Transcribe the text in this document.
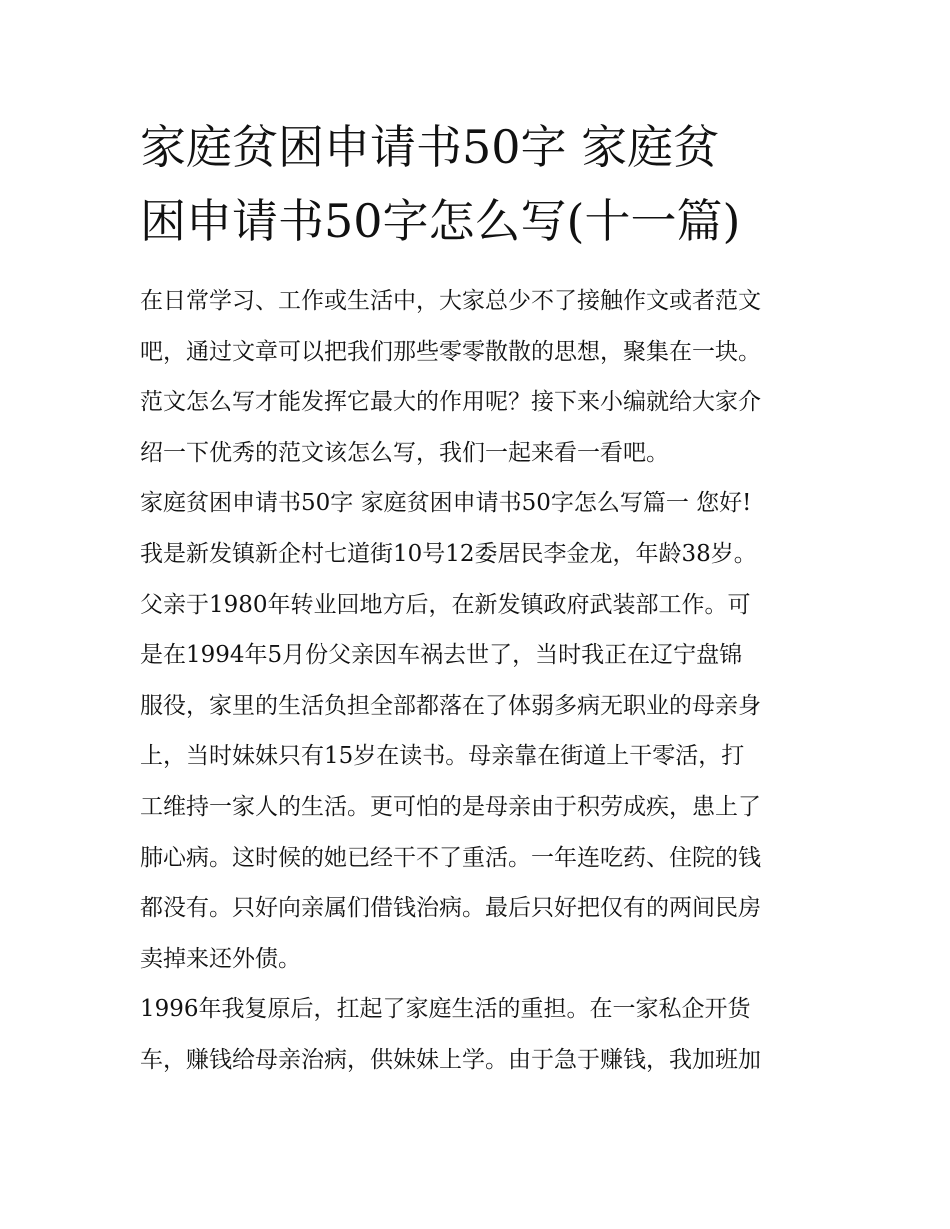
家庭贫困申请书50字 家庭贫
困申请书50字怎么写(十一篇)
在日常学习、工作或生活中，大家总少不了接触作文或者范文
吧，通过文章可以把我们那些零零散散的思想，聚集在一块。
范文怎么写才能发挥它最大的作用呢？接下来小编就给大家介
绍一下优秀的范文该怎么写，我们一起来看一看吧。
家庭贫困申请书50字 家庭贫困申请书50字怎么写篇一 您好!
我是新发镇新企村七道街10号12委居民李金龙，年龄38岁。
父亲于1980年转业回地方后，在新发镇政府武装部工作。可
是在1994年5月份父亲因车祸去世了，当时我正在辽宁盘锦
服役，家里的生活负担全部都落在了体弱多病无职业的母亲身
上，当时妹妹只有15岁在读书。母亲靠在街道上干零活，打
工维持一家人的生活。更可怕的是母亲由于积劳成疾，患上了
肺心病。这时候的她已经干不了重活。一年连吃药、住院的钱
都没有。只好向亲属们借钱治病。最后只好把仅有的两间民房
卖掉来还外债。
1996年我复原后，扛起了家庭生活的重担。在一家私企开货
车，赚钱给母亲治病，供妹妹上学。由于急于赚钱，我加班加
